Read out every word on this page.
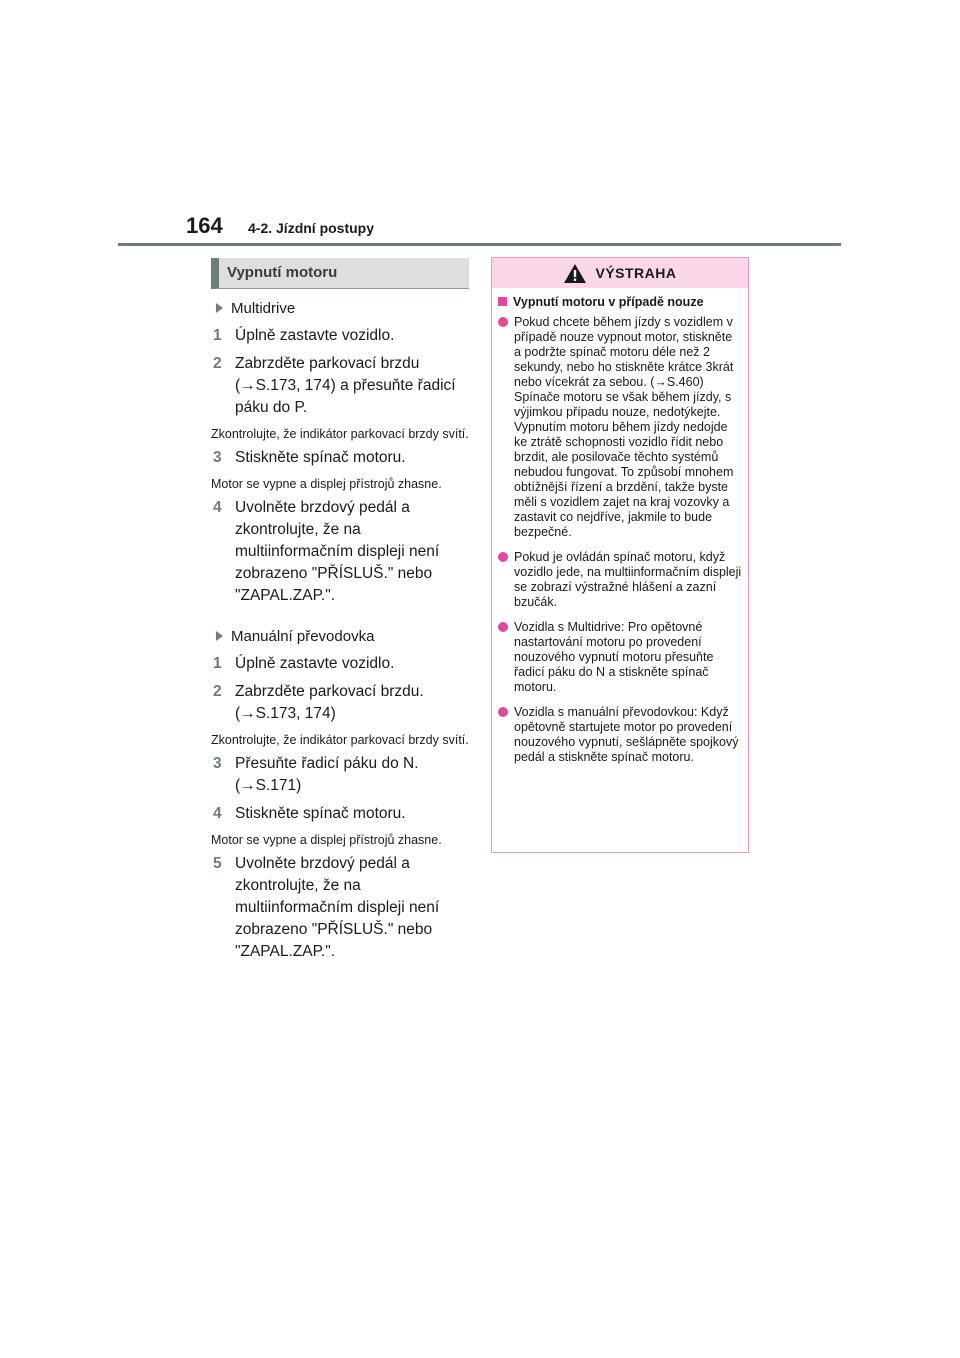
164 4-2. Jízdní postupy
Vypnutí motoru
Multidrive
1 Úplně zastavte vozidlo.
2 Zabrzděte parkovací brzdu (→S.173, 174) a přesuňte řadicí páku do P.
Zkontrolujte, že indikátor parkovací brzdy svítí.
3 Stiskněte spínač motoru.
Motor se vypne a displej přístrojů zhasne.
4 Uvolněte brzdový pedál a zkontrolujte, že na multiinformačním displeji není zobrazeno "PŘÍSLUŠ." nebo "ZAPAL.ZAP.".
Manuální převodovka
1 Úplně zastavte vozidlo.
2 Zabrzděte parkovací brzdu. (→S.173, 174)
Zkontrolujte, že indikátor parkovací brzdy svítí.
3 Přesuňte řadicí páku do N. (→S.171)
4 Stiskněte spínač motoru.
Motor se vypne a displej přístrojů zhasne.
5 Uvolněte brzdový pedál a zkontrolujte, že na multiinformačním displeji není zobrazeno "PŘÍSLUŠ." nebo "ZAPAL.ZAP.".
VÝSTRAHA
Vypnutí motoru v případě nouze
Pokud chcete během jízdy s vozidlem v případě nouze vypnout motor, stiskněte a podržte spínač motoru déle než 2 sekundy, nebo ho stiskněte krátce 3krát nebo vícekrát za sebou. (→S.460)
Spínače motoru se však během jízdy, s výjimkou případu nouze, nedotýkejte. Vypnutím motoru během jízdy nedojde ke ztrátě schopnosti vozidlo řídit nebo brzdit, ale posilovače těchto systémů nebudou fungovat. To způsobí mnohem obtížnější řízení a brzdění, takže byste měli s vozidlem zajet na kraj vozovky a zastavit co nejdříve, jakmile to bude bezpečné.
Pokud je ovládán spínač motoru, když vozidlo jede, na multiinformačním displeji se zobrazí výstražné hlášení a zazní bzučák.
Vozidla s Multidrive: Pro opětovné nastartování motoru po provedení nouzového vypnutí motoru přesuňte řadicí páku do N a stiskněte spínač motoru.
Vozidla s manuální převodovkou: Když opětovně startujete motor po provedení nouzového vypnutí, sešlápněte spojkový pedál a stiskněte spínač motoru.
